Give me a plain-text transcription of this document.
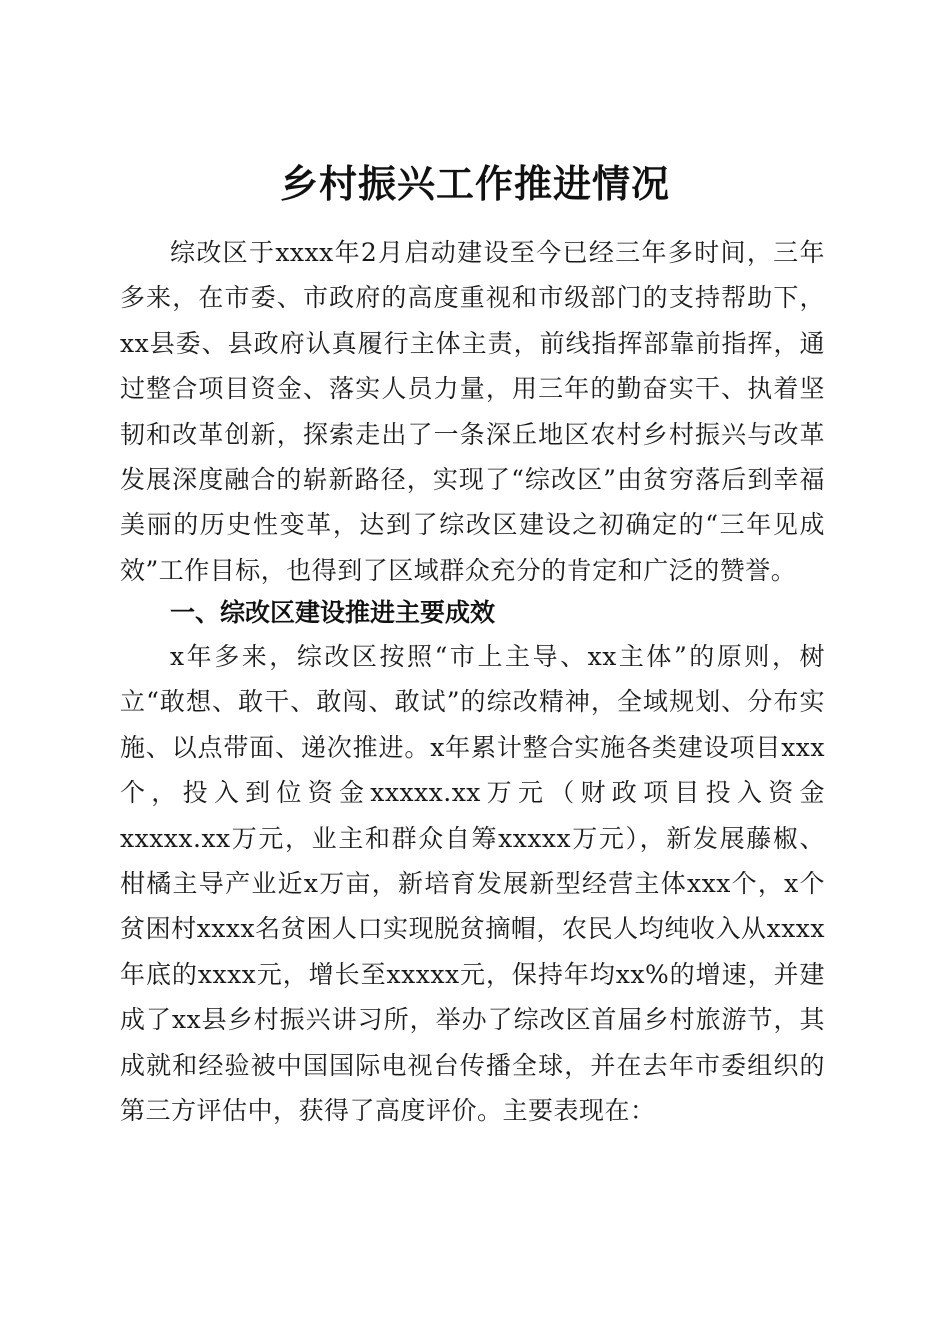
乡村振兴工作推进情况

综改区于xxxx年2月启动建设至今已经三年多时间，三年多来，在市委、市政府的高度重视和市级部门的支持帮助下，xx县委、县政府认真履行主体主责，前线指挥部靠前指挥，通过整合项目资金、落实人员力量，用三年的勤奋实干、执着坚韧和改革创新，探索走出了一条深丘地区农村乡村振兴与改革发展深度融合的崭新路径，实现了“综改区”由贫穷落后到幸福美丽的历史性变革，达到了综改区建设之初确定的“三年见成效”工作目标，也得到了区域群众充分的肯定和广泛的赞誉。

一、综改区建设推进主要成效

x年多来，综改区按照“市上主导、xx主体”的原则，树立“敢想、敢干、敢闯、敢试”的综改精神，全域规划、分布实施、以点带面、递次推进。x年累计整合实施各类建设项目xxx个，投入到位资金xxxxx.xx万元（财政项目投入资金xxxxx.xx万元，业主和群众自筹xxxxx万元），新发展藤椒、柑橘主导产业近x万亩，新培育发展新型经营主体xxx个，x个贫困村xxxx名贫困人口实现脱贫摘帽，农民人均纯收入从xxxx年底的xxxx元，增长至xxxxx元，保持年均xx%的增速，并建成了xx县乡村振兴讲习所，举办了综改区首届乡村旅游节，其成就和经验被中国国际电视台传播全球，并在去年市委组织的第三方评估中，获得了高度评价。主要表现在：
